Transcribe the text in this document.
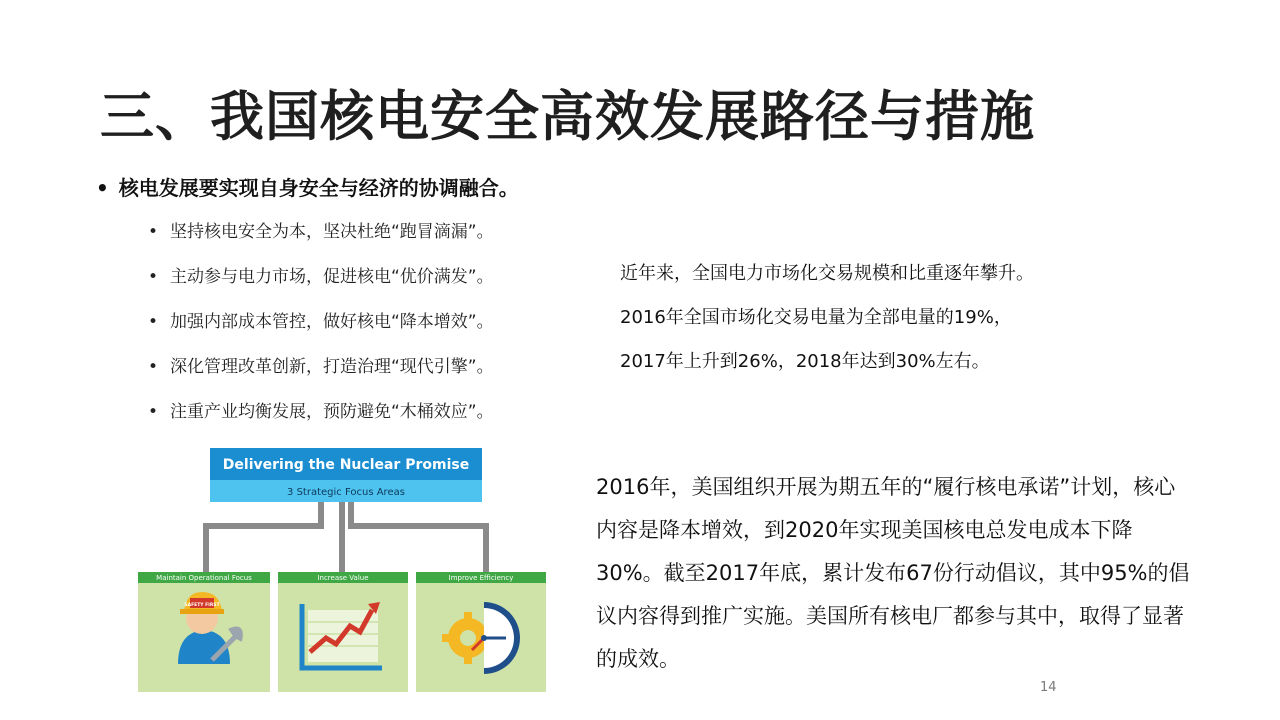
三、我国核电安全高效发展路径与措施
• 核电发展要实现自身安全与经济的协调融合。
• 坚持核电安全为本，坚决杜绝“跑冒滴漏”。
• 主动参与电力市场，促进核电“优价满发”。
• 加强内部成本管控，做好核电“降本增效”。
• 深化管理改革创新，打造治理“现代引擎”。
• 注重产业均衡发展，预防避免“木桶效应”。
近年来，全国电力市场化交易规模和比重逐年攀升。
2016年全国市场化交易电量为全部电量的19%，
2017年上升到26%，2018年达到30%左右。
2016年，美国组织开展为期五年的“履行核电承诺”计划，核心内容是降本增效，到2020年实现美国核电总发电成本下降30%。截至2017年底，累计发布67份行动倡议，其中95%的倡议内容得到推广实施。美国所有核电厂都参与其中，取得了显著的成效。
Delivering the Nuclear Promise
3 Strategic Focus Areas
Maintain Operational Focus
SAFETY FIRST
Increase Value	Improve Efficiency
14
